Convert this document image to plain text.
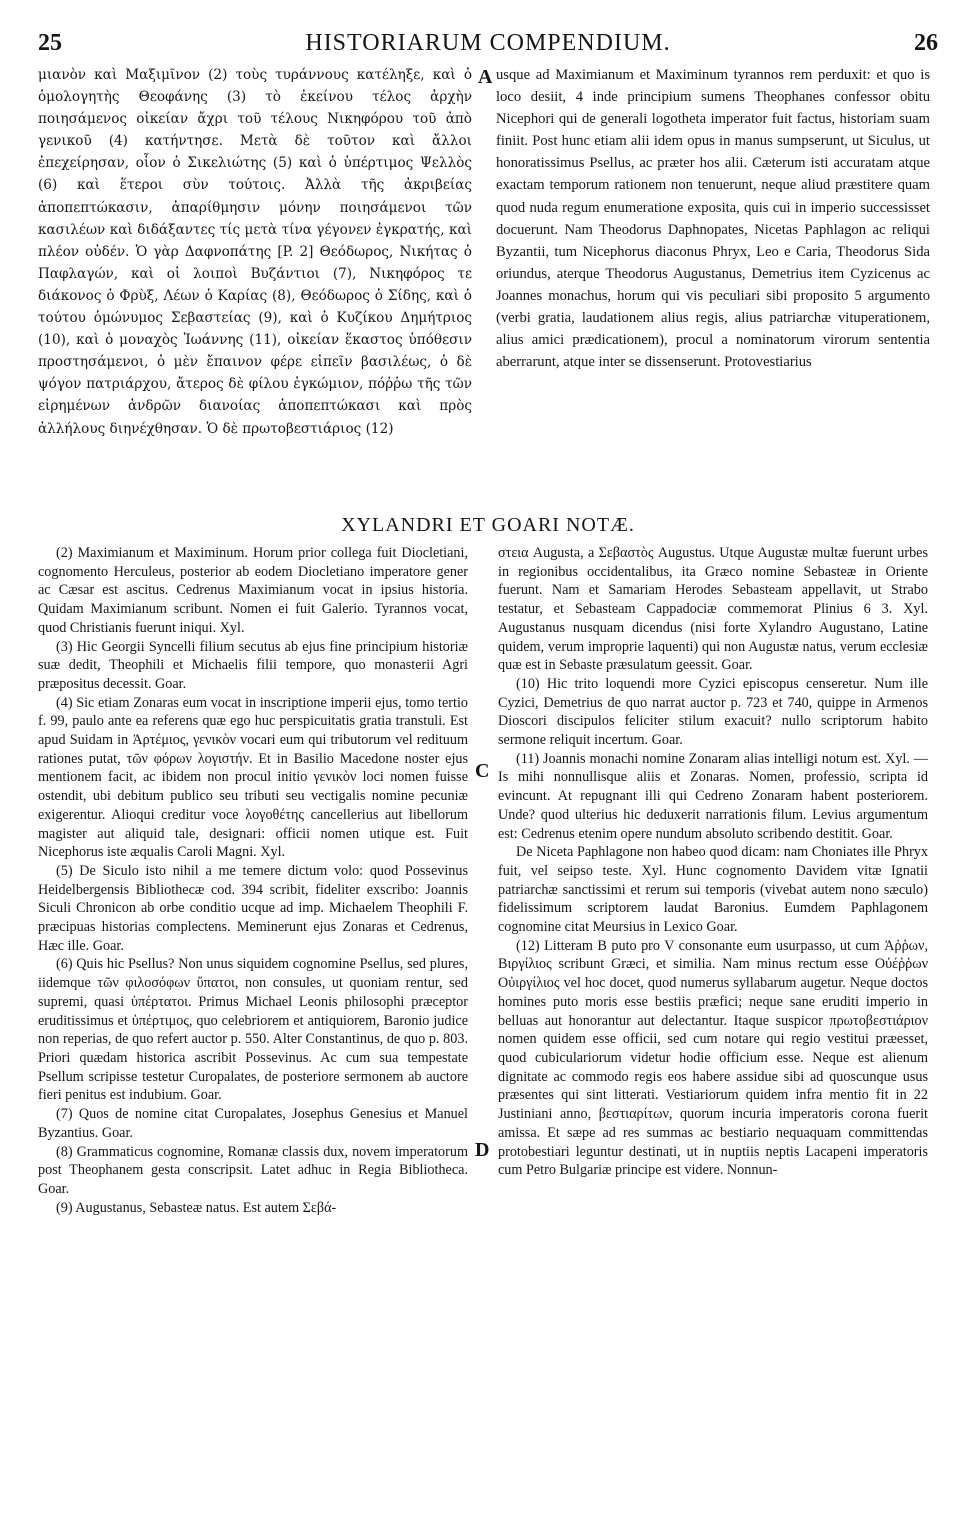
25	HISTORIARUM COMPENDIUM.	26

μιανὸν καὶ Μαξιμῖνον (2) τοὺς τυράννους κατέληξε, καὶ ὁ ὁμολογητὴς Θεοφάνης (3) τὸ ἐκείνου τέλος ἀρχὴν ποιησάμενος οἰκείαν ἄχρι τοῦ τέλους Νικηφόρου τοῦ ἀπὸ γενικοῦ (4) κατήντησε. Μετὰ δὲ τοῦτον καὶ ἄλλοι ἐπεχείρησαν, οἷον ὁ Σικελιώτης (5) καὶ ὁ ὑπέρτιμος Ψελλὸς (6) καὶ ἕτεροι σὺν τούτοις. Ἀλλὰ τῆς ἀκριβείας ἀποπεπτώκασιν, ἀπαρίθμησιν μόνην ποιησάμενοι τῶν κασιλέων καὶ διδάξαντες τίς μετὰ τίνα γέγονεν ἐγκρατής, καὶ πλέον οὐδέν. Ὁ γὰρ Δαφνοπάτης [P. 2] Θεόδωρος, Νικήτας ὁ Παφλαγών, καὶ οἱ λοιποὶ Βυζάντιοι (7), Νικηφόρος τε διάκονος ὁ Φρὺξ, Λέων ὁ Καρίας (8), Θεόδωρος ὁ Σίδης, καὶ ὁ τούτου ὁμώνυμος Σεβαστείας (9), καὶ ὁ Κυζίκου Δημήτριος (10), καὶ ὁ μοναχὸς Ἰωάννης (11), οἰκείαν ἕκαστος ὑπόθεσιν προστησάμενοι, ὁ μὲν ἔπαινον φέρε εἰπεῖν βασιλέως, ὁ δὲ ψόγον πατριάρχου, ἄτερος δὲ φίλου ἐγκώμιον, πόῤῥω τῆς τῶν εἰρημένων ἀνδρῶν διανοίας ἀποπεπτώκασι καὶ πρὸς ἀλλήλους διηνέχθησαν. Ὁ δὲ πρωτοβεστιάριος (12)

A usque ad Maximianum et Maximinum tyrannos rem perduxit: et quo is loco desiit, 4 inde principium sumens Theophanes confessor obitu Nicephori qui de generali logotheta imperator fuit factus, historiam suam finiit. Post hunc etiam alii idem opus in manus sumpserunt, ut Siculus, ut honoratissimus Psellus, ac præter hos alii. Cæterum isti accuratam atque exactam temporum rationem non tenuerunt, neque aliud præstitere quam quod nuda regum enumeratione exposita, quis cui in imperio successisset docuerunt. Nam Theodorus Daphnopates, Nicetas Paphlagon ac reliqui Byzantii, tum Nicephorus diaconus Phryx, Leo e Caria, Theodorus Sida oriundus, aterque Theodorus Augustanus, Demetrius item Cyzicenus ac Joannes monachus, horum qui vis peculiari sibi proposito 5 argumento (verbi gratia, laudationem alius regis, alius patriarchæ vituperationem, alius amici prædicationem), procul a nominatorum virorum sententia aberrarunt, atque inter se dissenserunt. Protovestiarius

XYLANDRI ET GOARI NOTÆ.

(2) Maximianum et Maximinum. Horum prior collega fuit Diocletiani, cognomento Herculeus, posterior ab eodem Diocletiano imperatore gener ac Cæsar est ascitus. Cedrenus Maximianum vocat in ipsius historia. Quidam Maximianum scribunt. Nomen ei fuit Galerio. Tyrannos vocat, quod Christianis fuerunt iniqui. Xyl.

(3) Hic Georgii Syncelli filium secutus ab ejus fine principium historiæ suæ dedit, Theophili et Michaelis filii tempore, quo monasterii Agri præpositus decessit. Goar.

(4) Sic etiam Zonaras eum vocat in inscriptione imperii ejus, tomo tertio f. 99, paulo ante ea referens quæ ego huc perspicuitatis gratia transtuli. Est apud Suidam in Ἀρτέμιος, γενικὸν vocari eum qui tributorum vel redituum rationes putat, τῶν φόρων λογιστήν. Et in Basilio Macedone noster ejus mentionem facit, ac ibidem non procul initio γενικὸν loci nomen fuisse ostendit, ubi debitum publico seu tributi seu vectigalis nomine pecuniæ exigerentur. Alioqui creditur voce λογοθέτης cancellerius aut libellorum magister aut aliquid tale, designari: officii nomen utique est. Fuit Nicephorus iste æqualis Caroli Magni. Xyl.

(5) De Siculo isto nihil a me temere dictum volo: quod Possevinus Heidelbergensis Bibliothecæ cod. 394 scribit, fideliter exscribo: Joannis Siculi Chronicon ab orbe conditio ucque ad imp. Michaelem Theophili F. præcipuas historias complectens. Meminerunt ejus Zonaras et Cedrenus, Hæc ille. Goar.

(6) Quis hic Psellus? Non unus siquidem cognomine Psellus, sed plures, iidemque τῶν φιλοσόφων ὕπατοι, non consules, ut quoniam rentur, sed supremi, quasi ὑπέρτατοι. Primus Michael Leonis philosophi præceptor eruditissimus et ὑπέρτιμος, quo celebriorem et antiquiorem, Baronio judice non reperias, de quo refert auctor p. 550. Alter Constantinus, de quo p. 803. Priori quædam historica ascribit Possevinus. Ac cum sua tempestate Psellum scripisse testetur Curopalates, de posteriore sermonem ab auctore fieri penitus est indubium. Goar.

(7) Quos de nomine citat Curopalates, Josephus Genesius et Manuel Byzantius. Goar.

(8) Grammaticus cognomine, Romanæ classis dux, novem imperatorum post Theophanem gesta conscripsit. Latet adhuc in Regia Bibliotheca. Goar.

(9) Augustanus, Sebasteæ natus. Est autem Σεβά-

C
D

στεια Augusta, a Σεβαστὸς Augustus. Utque Augustæ multæ fuerunt urbes in regionibus occidentalibus, ita Græco nomine Sebasteæ in Oriente fuerunt. Nam et Samariam Herodes Sebasteam appellavit, ut Strabo testatur, et Sebasteam Cappadociæ commemorat Plinius 6 3. Xyl. Augustanus nusquam dicendus (nisi forte Xylandro Augustano, Latine quidem, verum improprie laquenti) qui non Augustæ natus, verum ecclesiæ quæ est in Sebaste præsulatum geessit. Goar.

(10) Hic trito loquendi more Cyzici episcopus censeretur. Num ille Cyzici, Demetrius de quo narrat auctor p. 723 et 740, quippe in Armenos Dioscori discipulos feliciter stilum exacuit? nullo scriptorum habito sermone reliquit incertum. Goar.

(11) Joannis monachi nomine Zonaram alias intelligi notum est. Xyl. — Is mihi nonnullisque aliis et Zonaras. Nomen, professio, scripta id evincunt. At repugnant illi qui Cedreno Zonaram habent posteriorem. Unde? quod ulterius hic deduxerit narrationis filum. Levius argumentum est: Cedrenus etenim opere nundum absoluto scribendo destitit. Goar.

De Niceta Paphlagone non habeo quod dicam: nam Choniates ille Phryx fuit, vel seipso teste. Xyl. Hunc cognomento Davidem vitæ Ignatii patriarchæ sanctissimi et rerum sui temporis (vivebat autem nono sæculo) fidelissimum scriptorem laudat Baronius. Eumdem Paphlagonem cognomine citat Meursius in Lexico Goar.

(12) Litteram B puto pro V consonante eum usurpasso, ut cum Ἀῤῥων, Βιργίλιος scribunt Græci, et similia. Nam minus rectum esse Οὐέῤῥων Οὐιργίλιος vel hoc docet, quod numerus syllabarum augetur. Neque doctos homines puto moris esse bestiis præfici; neque sane eruditi imperio in belluas aut honorantur aut delectantur. Itaque suspicor πρωτοβεστιάριον nomen quidem esse officii, sed cum notare qui regio vestitui præesset, quod cubiculariorum videtur hodie officium esse. Neque est alienum dignitate ac commodo regis eos habere assidue sibi ad quoscunque usus præsentes qui sint litterati. Vestiariorum quidem infra mentio fit in 22 Justiniani anno, βεστιαρίτων, quorum incuria imperatoris corona fuerit amissa. Et sæpe ad res summas ac bestiario nequaquam committendas protobestiari leguntur destinati, ut in nuptiis neptis Lacapeni imperatoris cum Petro Bulgariæ principe est videre. Nonnun-
